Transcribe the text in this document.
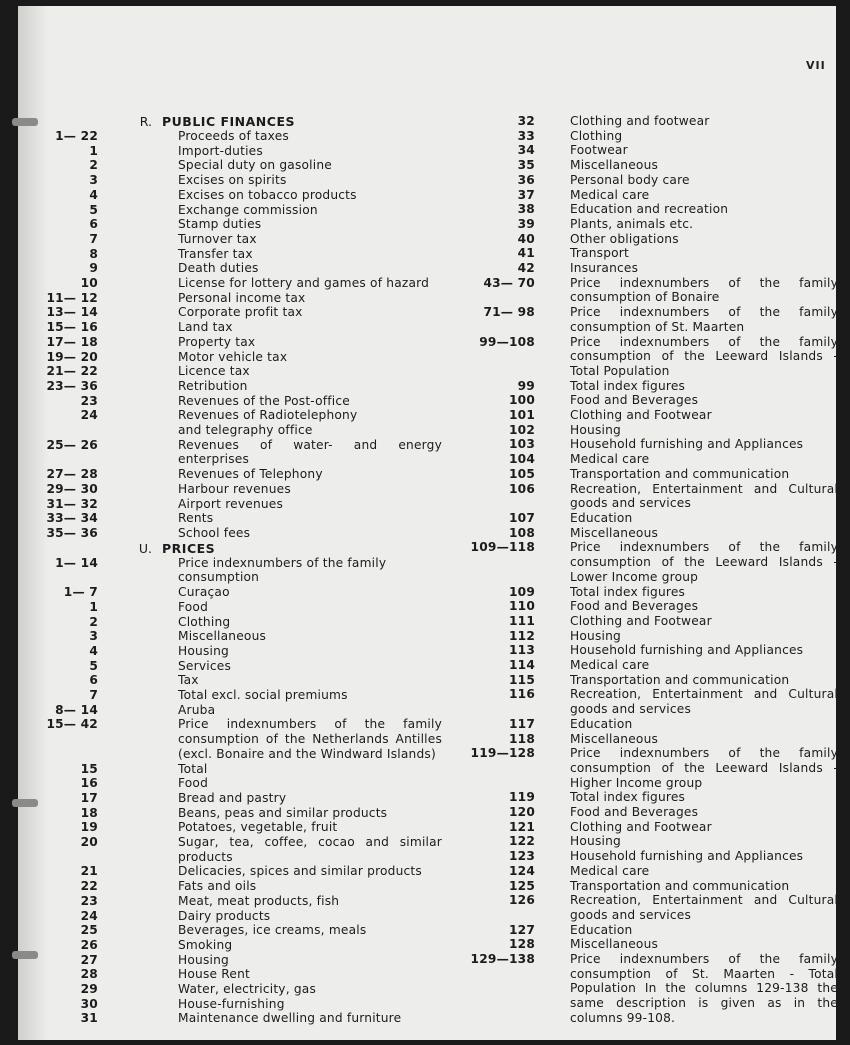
VII
R. PUBLIC FINANCES
1— 22	Proceeds of taxes
1	Import-duties
2	Special duty on gasoline
3	Excises on spirits
4	Excises on tobacco products
5	Exchange commission
6	Stamp duties
7	Turnover tax
8	Transfer tax
9	Death duties
10	License for lottery and games of hazard
11— 12	Personal income tax
13— 14	Corporate profit tax
15— 16	Land tax
17— 18	Property tax
19— 20	Motor vehicle tax
21— 22	Licence tax
23— 36	Retribution
23	Revenues of the Post-office
24	Revenues of Radiotelephony
and telegraphy office
25— 26	Revenues of water- and energy enterprises
27— 28	Revenues of Telephony
29— 30	Harbour revenues
31— 32	Airport revenues
33— 34	Rents
35— 36	School fees
U. PRICES
1— 14	Price indexnumbers of the family
consumption
1— 7	Curaçao
1	Food
2	Clothing
3	Miscellaneous
4	Housing
5	Services
6	Tax
7	Total excl. social premiums
8— 14	Aruba
15— 42	Price indexnumbers of the family consumption of the Netherlands Antilles (excl. Bonaire and the Windward Islands)
15	Total
16	Food
17	Bread and pastry
18	Beans, peas and similar products
19	Potatoes, vegetable, fruit
20	Sugar, tea, coffee, cocao and similar products
21	Delicacies, spices and similar products
22	Fats and oils
23	Meat, meat products, fish
24	Dairy products
25	Beverages, ice creams, meals
26	Smoking
27	Housing
28	House Rent
29	Water, electricity, gas
30	House-furnishing
31	Maintenance dwelling and furniture
32	Clothing and footwear
33	Clothing
34	Footwear
35	Miscellaneous
36	Personal body care
37	Medical care
38	Education and recreation
39	Plants, animals etc.
40	Other obligations
41	Transport
42	Insurances
43— 70	Price indexnumbers of the family consumption of Bonaire
71— 98	Price indexnumbers of the family consumption of St. Maarten
99—108	Price indexnumbers of the family consumption of the Leeward Islands - Total Population
99	Total index figures
100	Food and Beverages
101	Clothing and Footwear
102	Housing
103	Household furnishing and Appliances
104	Medical care
105	Transportation and communication
106	Recreation, Entertainment and Cultural goods and services
107	Education
108	Miscellaneous
109—118	Price indexnumbers of the family consumption of the Leeward Islands - Lower Income group
109	Total index figures
110	Food and Beverages
111	Clothing and Footwear
112	Housing
113	Household furnishing and Appliances
114	Medical care
115	Transportation and communication
116	Recreation, Entertainment and Cultural goods and services
117	Education
118	Miscellaneous
119—128	Price indexnumbers of the family consumption of the Leeward Islands - Higher Income group
119	Total index figures
120	Food and Beverages
121	Clothing and Footwear
122	Housing
123	Household furnishing and Appliances
124	Medical care
125	Transportation and communication
126	Recreation, Entertainment and Cultural goods and services
127	Education
128	Miscellaneous
129—138	Price indexnumbers of the family consumption of St. Maarten - Total Population In the columns 129-138 the same description is given as in the columns 99-108.
